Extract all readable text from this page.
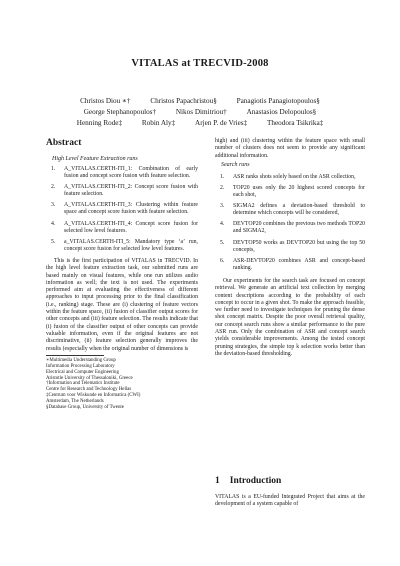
VITALAS at TRECVID-2008
Christos Diou ∗†	Christos Papachristou§	Panagiotis Panagiotopoulos§
George Stephanopoulos†	Nikos Dimitriou†	Anastasios Delopoulos§
Henning Rode‡	Robin Aly‡	Arjen P. de Vries‡	Theodora Tsikrika‡
Abstract
High Level Feature Extraction runs
1. A_VITALAS.CERTH-ITI_1: Combination of early fusion and concept score fusion with feature selection.
2. A_VITALAS.CERTH-ITI_2: Concept score fusion with feature selection.
3. A_VITALAS.CERTH-ITI_3: Clustering within feature space and concept score fusion with feature selection.
4. A_VITALAS.CERTH-ITI_4: Concept score fusion for selected low level features.
5. a_VITALAS.CERTH-ITI_5: Mandatory type ‘a’ run, concept score fusion for selected low level features.

This is the first participation of VITALAS in TRECVID. In the high level feature extraction task, our submitted runs are based mainly on visual features, while one run utilizes audio information as well; the text is not used. The experiments performed aim at evaluating the effectiveness of different approaches to input processing prior to the final classification (i.e., ranking) stage. These are (i) clustering of feature vectors within the feature space, (ii) fusion of classifier output scores for other concepts and (iii) feature selection. The results indicate that (i) fusion of the classifier output of other concepts can provide valuable information, even if the original features are not discriminative, (ii) feature selection generally improves the results (especially when the original number of dimensions is

∗Multimedia Understanding Group

Information Processing Laboratory

Electrical and Computer Engineering

Aristotle University of Thessaloniki, Greece

†Information and Telematics Institute

Centre for Research and Technology Hellas

‡Centrum voor Wiskunde en Informatica (CWI)

Amsterdam, The Netherlands

§Database Group, University of Twente

high) and (iii) clustering within the feature space with small number of clusters does not seem to provide any significant additional information.

Search runs
1. ASR ranks shots solely based on the ASR collection,
2. TOP20 uses only the 20 highest scored concepts for each shot,
3. SIGMA2 defines a deviation-based threshold to determine which concepts will be considered,
4. DEVTOP20 combines the previous two methods TOP20 and SIGMA2,
5. DEVTOP50 works as DEVTOP20 but using the top 50 concepts,
6. ASR-DEVTOP20 combines ASR and concept-based ranking.

Our experiments for the search task are focused on concept retrieval. We generate an artificial text collection by merging content descriptions according to the probability of each concept to occur in a given shot. To make the approach feasible, we further need to investigate techniques for pruning the dense shot concept matrix. Despite the poor overall retrieval quality, our concept search runs show a similar performance to the pure ASR run. Only the combination of ASR and concept search yields considerable improvements. Among the tested concept pruning strategies, the simple top k selection works better than the deviation-based thresholding.

1 Introduction

VITALAS is a EU-funded Integrated Project that aims at the development of a system capable of
